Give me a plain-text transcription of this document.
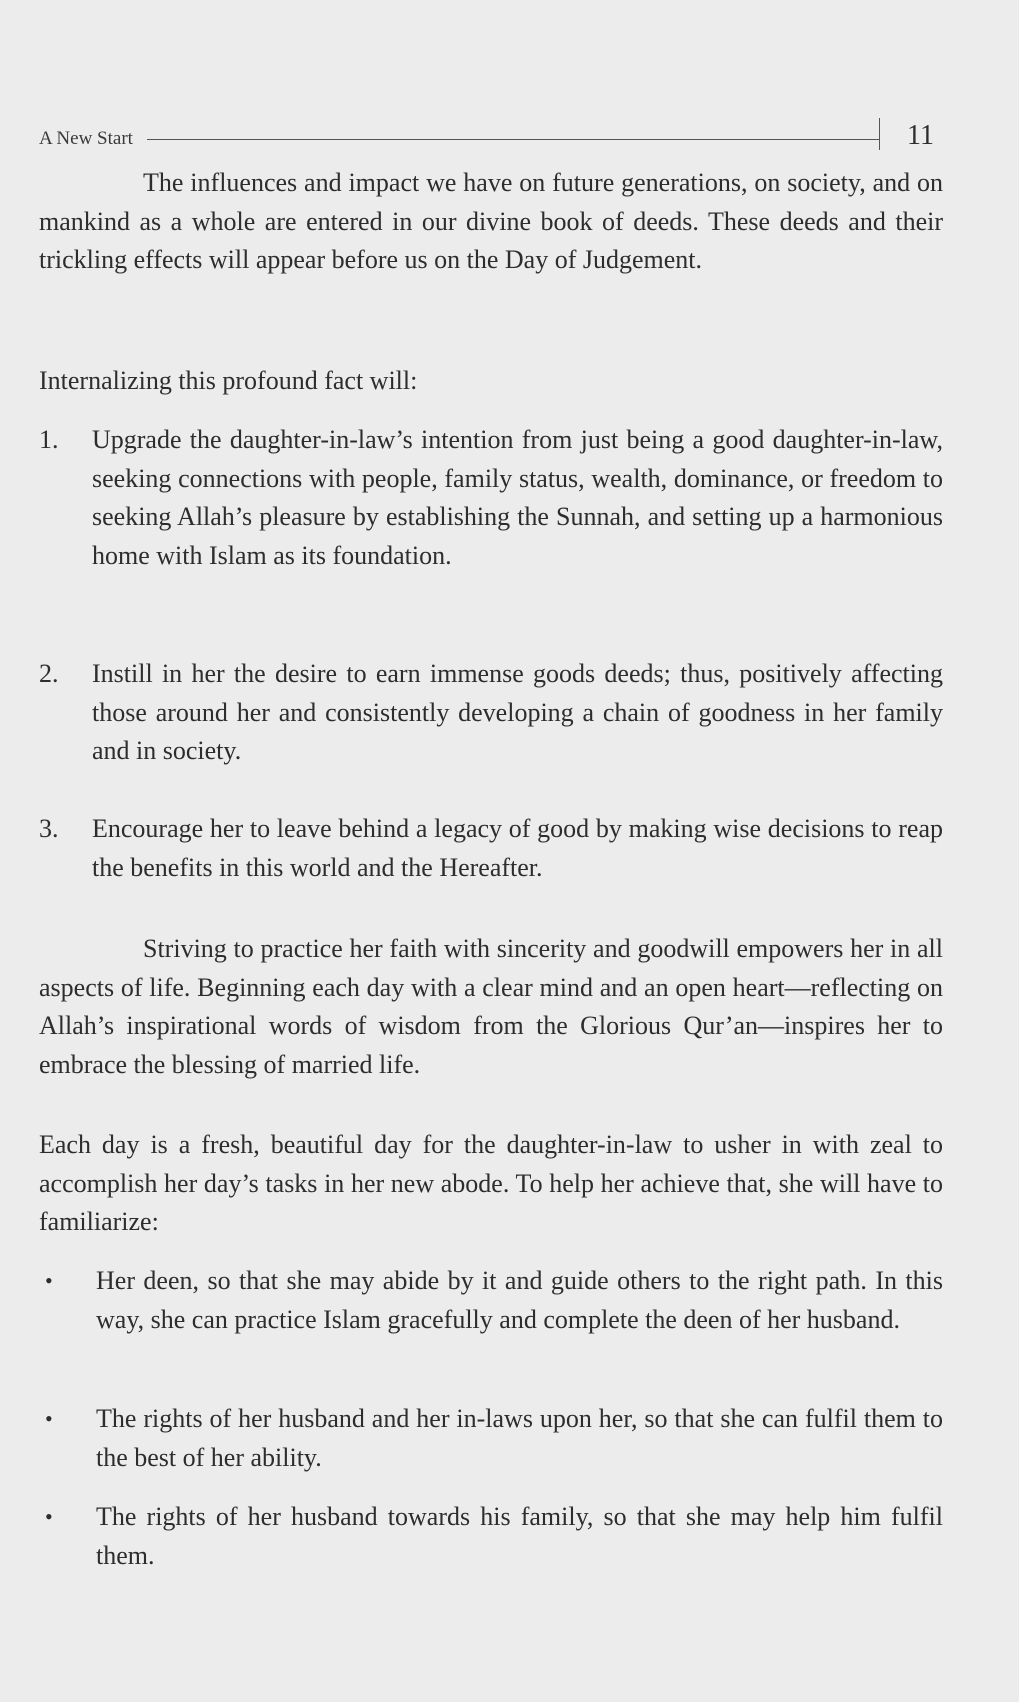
A New Start	11

The influences and impact we have on future generations, on society, and on mankind as a whole are entered in our divine book of deeds. These deeds and their trickling effects will appear before us on the Day of Judgement.

Internalizing this profound fact will:

1. Upgrade the daughter-in-law’s intention from just being a good daughter-in-law, seeking connections with people, family status, wealth, dominance, or freedom to seeking Allah’s pleasure by establishing the Sunnah, and setting up a harmonious home with Islam as its foundation.
2. Instill in her the desire to earn immense goods deeds; thus, positively affecting those around her and consistently developing a chain of goodness in her family and in society.
3. Encourage her to leave behind a legacy of good by making wise decisions to reap the benefits in this world and the Hereafter.

Striving to practice her faith with sincerity and goodwill empowers her in all aspects of life. Beginning each day with a clear mind and an open heart—reflecting on Allah’s inspirational words of wisdom from the Glorious Qur’an—inspires her to embrace the blessing of married life.

Each day is a fresh, beautiful day for the daughter-in-law to usher in with zeal to accomplish her day’s tasks in her new abode. To help her achieve that, she will have to familiarize:

• Her deen, so that she may abide by it and guide others to the right path. In this way, she can practice Islam gracefully and complete the deen of her husband.
• The rights of her husband and her in-laws upon her, so that she can fulfil them to the best of her ability.
• The rights of her husband towards his family, so that she may help him fulfil them.
